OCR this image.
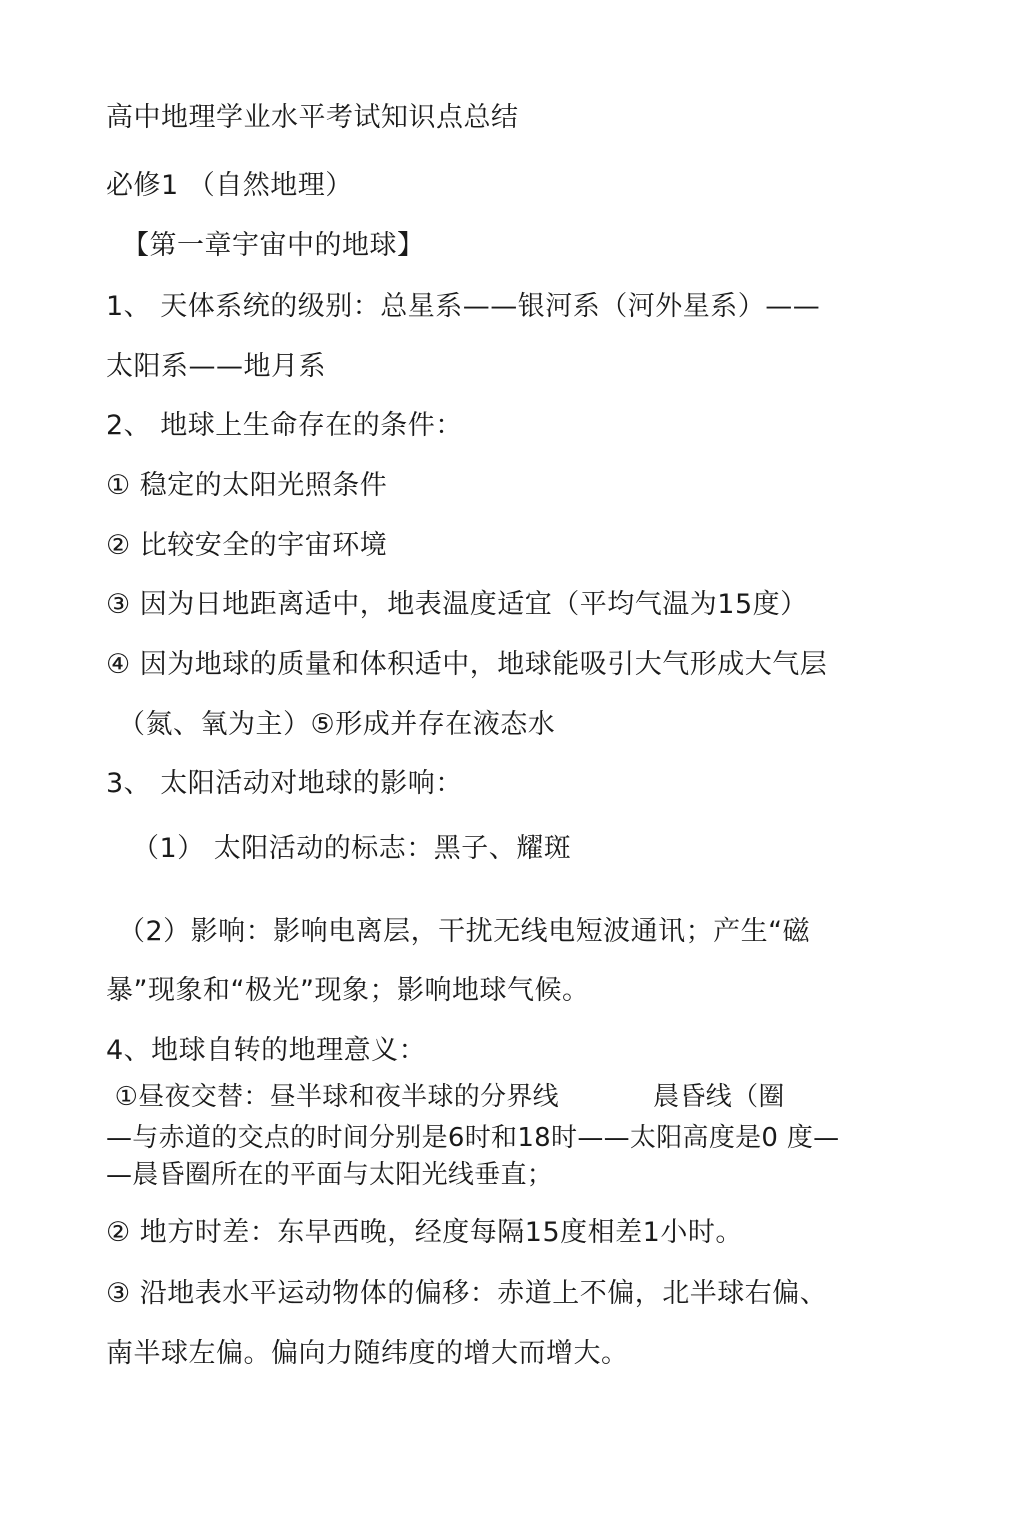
高中地理学业水平考试知识点总结
必修1 （自然地理）
【第一章宇宙中的地球】
1、 天体系统的级别：总星系——银河系（河外星系）——
太阳系——地月系
2、 地球上生命存在的条件：
① 稳定的太阳光照条件
② 比较安全的宇宙环境
③ 因为日地距离适中，地表温度适宜（平均气温为15度）
④ 因为地球的质量和体积适中，地球能吸引大气形成大气层
（氮、氧为主）⑤形成并存在液态水
3、 太阳活动对地球的影响：
（1） 太阳活动的标志：黑子、耀斑
（2）影响：影响电离层，干扰无线电短波通讯；产生“磁
暴”现象和“极光”现象；影响地球气候。
4、地球自转的地理意义：
①昼夜交替：昼半球和夜半球的分界线           晨昏线（圈
—与赤道的交点的时间分别是6时和18时——太阳高度是0 度—
—晨昏圈所在的平面与太阳光线垂直；
② 地方时差：东早西晚，经度每隔15度相差1小时。
③ 沿地表水平运动物体的偏移：赤道上不偏，北半球右偏、
南半球左偏。偏向力随纬度的增大而增大。
